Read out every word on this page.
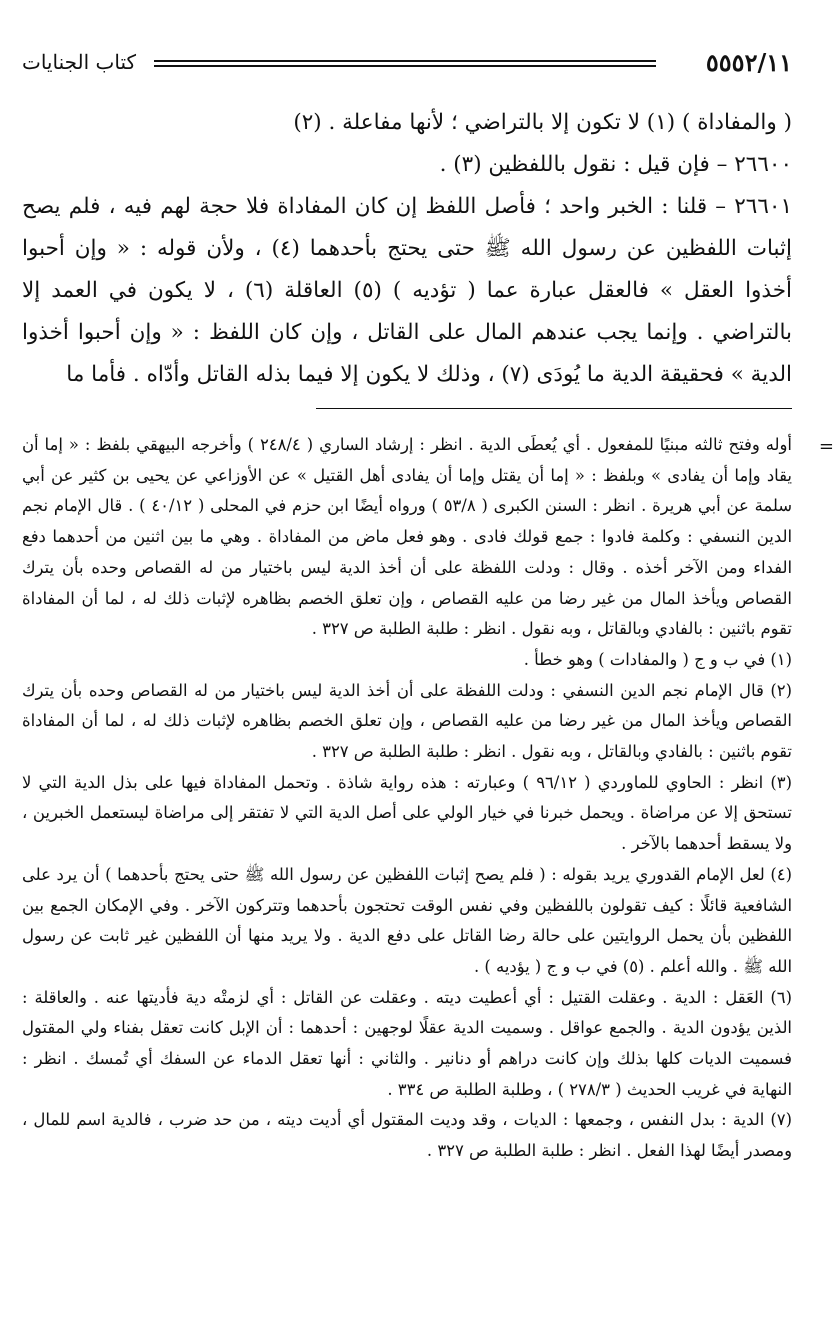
٥٥٥٢/١١
كتاب الجنايات

( والمفاداة ) (١) لا تكون إلا بالتراضي ؛ لأنها مفاعلة . (٢)

٢٦٦٠٠ – فإن قيل : نقول باللفظين (٣) .

٢٦٦٠١ – قلنا : الخبر واحد ؛ فأصل اللفظ إن كان المفاداة فلا حجة لهم فيه ، فلم يصح إثبات اللفظين عن رسول الله ﷺ حتى يحتج بأحدهما (٤) ، ولأن قوله : « وإن أحبوا أخذوا العقل » فالعقل عبارة عما ( تؤديه ) (٥) العاقلة (٦) ، لا يكون في العمد إلا بالتراضي . وإنما يجب عندهم المال على القاتل ، وإن كان اللفظ : « وإن أحبوا أخذوا الدية » فحقيقة الدية ما يُودَى (٧) ، وذلك لا يكون إلا فيما بذله القاتل وأدّاه . فأما ما

=

أوله وفتح ثالثه مبنيًا للمفعول . أي يُعطَى الدية . انظر : إرشاد الساري ( ٢٤٨/٤ ) وأخرجه البيهقي بلفظ : « إما أن يقاد وإما أن يفادى » وبلفظ : « إما أن يقتل وإما أن يفادى أهل القتيل » عن الأوزاعي عن يحيى بن كثير عن أبي سلمة عن أبي هريرة . انظر : السنن الكبرى ( ٥٣/٨ ) ورواه أيضًا ابن حزم في المحلى ( ٤٠/١٢ ) . قال الإمام نجم الدين النسفي : وكلمة فادوا : جمع قولك فادى . وهو فعل ماض من المفاداة . وهي ما بين اثنين من أحدهما دفع الفداء ومن الآخر أخذه . وقال : ودلت اللفظة على أن أخذ الدية ليس باختيار من له القصاص وحده بأن يترك القصاص ويأخذ المال من غير رضا من عليه القصاص ، وإن تعلق الخصم بظاهره لإثبات ذلك له ، لما أن المفاداة تقوم باثنين : بالفادي وبالقاتل ، وبه نقول . انظر : طلبة الطلبة ص ٣٢٧ .

(١) في ب و ج ( والمفادات ) وهو خطأ .

(٢) قال الإمام نجم الدين النسفي : ودلت اللفظة على أن أخذ الدية ليس باختيار من له القصاص وحده بأن يترك القصاص ويأخذ المال من غير رضا من عليه القصاص ، وإن تعلق الخصم بظاهره لإثبات ذلك له ، لما أن المفاداة تقوم باثنين : بالفادي وبالقاتل ، وبه نقول . انظر : طلبة الطلبة ص ٣٢٧ .

(٣) انظر : الحاوي للماوردي ( ٩٦/١٢ ) وعبارته : هذه رواية شاذة . وتحمل المفاداة فيها على بذل الدية التي لا تستحق إلا عن مراضاة . ويحمل خبرنا في خيار الولي على أصل الدية التي لا تفتقر إلى مراضاة ليستعمل الخبرين ، ولا يسقط أحدهما بالآخر .

(٤) لعل الإمام القدوري يريد بقوله : ( فلم يصح إثبات اللفظين عن رسول الله ﷺ حتى يحتج بأحدهما ) أن يرد على الشافعية قائلًا : كيف تقولون باللفظين وفي نفس الوقت تحتجون بأحدهما وتتركون الآخر . وفي الإمكان الجمع بين اللفظين بأن يحمل الروايتين على حالة رضا القاتل على دفع الدية . ولا يريد منها أن اللفظين غير ثابت عن رسول الله ﷺ . والله أعلم . (٥) في ب و ج ( يؤديه ) .

(٦) العَقل : الدية . وعقلت القتيل : أي أعطيت ديته . وعقلت عن القاتل : أي لزمتْه دية فأديتها عنه . والعاقلة : الذين يؤدون الدية . والجمع عواقل . وسميت الدية عقلًا لوجهين : أحدهما : أن الإبل كانت تعقل بفناء ولي المقتول فسميت الديات كلها بذلك وإن كانت دراهم أو دنانير . والثاني : أنها تعقل الدماء عن السفك أي تُمسك . انظر : النهاية في غريب الحديث ( ٢٧٨/٣ ) ، وطلبة الطلبة ص ٣٣٤ .

(٧) الدية : بدل النفس ، وجمعها : الديات ، وقد وديت المقتول أي أديت ديته ، من حد ضرب ، فالدية اسم للمال ، ومصدر أيضًا لهذا الفعل . انظر : طلبة الطلبة ص ٣٢٧ .
